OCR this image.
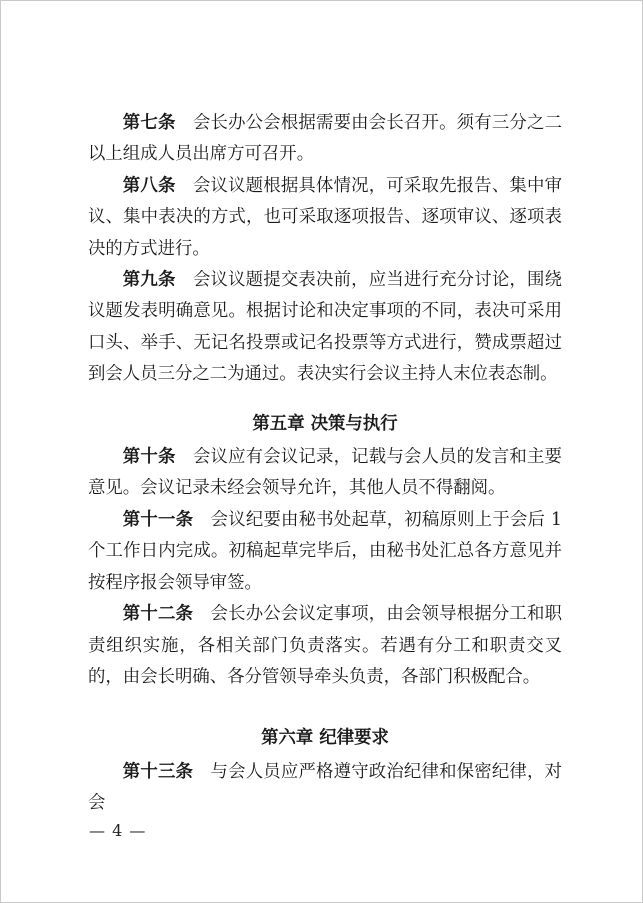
第七条 会长办公会根据需要由会长召开。须有三分之二以上组成人员出席方可召开。

第八条 会议议题根据具体情况，可采取先报告、集中审议、集中表决的方式，也可采取逐项报告、逐项审议、逐项表决的方式进行。

第九条 会议议题提交表决前，应当进行充分讨论，围绕议题发表明确意见。根据讨论和决定事项的不同，表决可采用口头、举手、无记名投票或记名投票等方式进行，赞成票超过到会人员三分之二为通过。表决实行会议主持人末位表态制。

第五章 决策与执行

第十条 会议应有会议记录，记载与会人员的发言和主要意见。会议记录未经会领导允许，其他人员不得翻阅。

第十一条 会议纪要由秘书处起草，初稿原则上于会后 1 个工作日内完成。初稿起草完毕后，由秘书处汇总各方意见并按程序报会领导审签。

第十二条 会长办公会议定事项，由会领导根据分工和职责组织实施，各相关部门负责落实。若遇有分工和职责交叉的，由会长明确、各分管领导牵头负责，各部门积极配合。

第六章 纪律要求

第十三条 与会人员应严格遵守政治纪律和保密纪律，对会

— 4 —
